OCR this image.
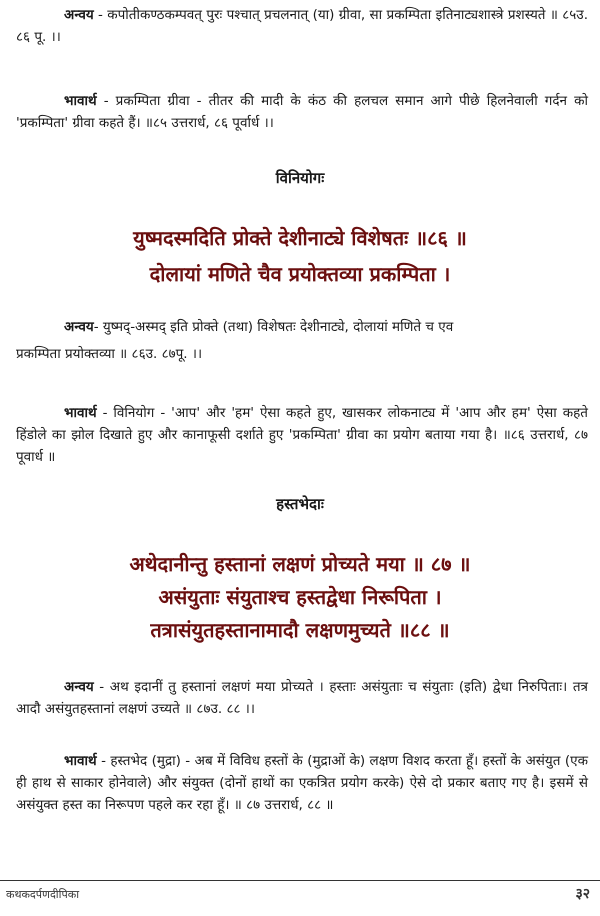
अन्वय - कपोतीकण्ठकम्पवत् पुरः पश्चात् प्रचलनात् (या) ग्रीवा, सा प्रकम्पिता इतिनाट्यशास्त्रे प्रशस्यते ॥ ८५उ. ८६ पू. ।।

भावार्थ - प्रकम्पिता ग्रीवा - तीतर की मादी के कंठ की हलचल समान आगे पीछे हिलनेवाली गर्दन को 'प्रकम्पिता' ग्रीवा कहते हैं। ॥८५ उत्तरार्ध, ८६ पूर्वार्ध ।।

विनियोगः
युष्मदस्मदिति प्रोक्ते देशीनाट्ये विशेषतः ॥८६ ॥
दोलायां मणिते चैव प्रयोक्तव्या प्रकम्पिता ।

अन्वय- युष्मद्-अस्मद् इति प्रोक्ते (तथा) विशेषतः देशीनाट्ये, दोलायां मणिते च एव

प्रकम्पिता प्रयोक्तव्या ॥ ८६उ. ८७पू. ।।

भावार्थ - विनियोग - 'आप' और 'हम' ऐसा कहते हुए, खासकर लोकनाट्य में 'आप और हम' ऐसा कहते हिंडोले का झोल दिखाते हुए और कानाफूसी दर्शाते हुए 'प्रकम्पिता' ग्रीवा का प्रयोग बताया गया है। ॥८६ उत्तरार्ध, ८७ पूवार्ध ॥

हस्तभेदाः
अथेदानीन्तु हस्तानां लक्षणं प्रोच्यते मया ॥ ८७ ॥
असंयुताः संयुताश्च हस्तद्वेधा निरूपिता ।
तत्रासंयुतहस्तानामादौ लक्षणमुच्यते ॥८८ ॥

अन्वय - अथ इदानीं तु हस्तानां लक्षणं मया प्रोच्यते । हस्ताः असंयुताः च संयुताः (इति) द्वेधा निरुपिताः। तत्र आदौ असंयुतहस्तानां लक्षणं उच्यते ॥ ८७उ. ८८ ।।

भावार्थ - हस्तभेद (मुद्रा) - अब में विविध हस्तों के (मुद्राओं के) लक्षण विशद करता हूँ। हस्तों के असंयुत (एक ही हाथ से साकार होनेवाले) और संयुक्त (दोनों हाथों का एकत्रित प्रयोग करके) ऐसे दो प्रकार बताए गए है। इसमें से असंयुक्त हस्त का निरूपण पहले कर रहा हूँ। ॥ ८७ उत्तरार्ध, ८८ ॥

कथकदर्पणदीपिका	३२
